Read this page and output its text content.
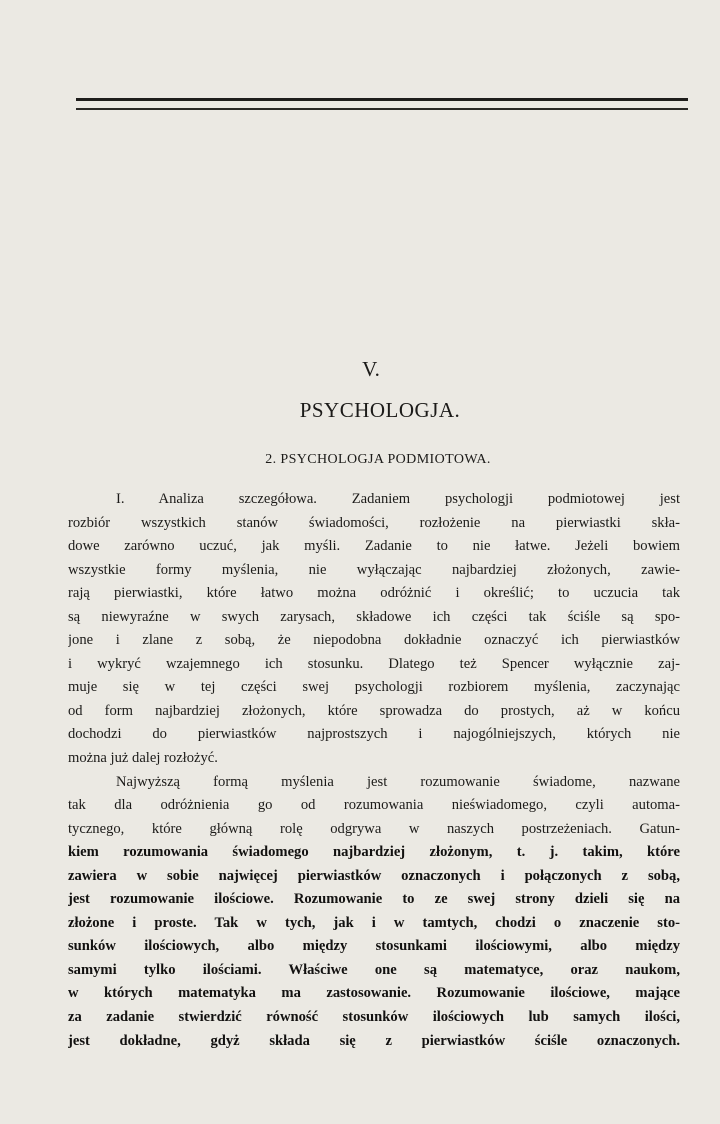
V.
PSYCHOLOGJA.
2. PSYCHOLOGJA PODMIOTOWA.
I. Analiza szczegółowa. Zadaniem psychologji podmiotowej jest
rozbiór wszystkich stanów świadomości, rozłożenie na pierwiastki skła-
dowe zarówno uczuć, jak myśli. Zadanie to nie łatwe. Jeżeli bowiem
wszystkie formy myślenia, nie wyłączając najbardziej złożonych, zawie-
rają pierwiastki, które łatwo można odróżnić i określić; to uczucia tak
są niewyraźne w swych zarysach, składowe ich części tak ściśle są spo-
jone i zlane z sobą, że niepodobna dokładnie oznaczyć ich pierwiastków
i wykryć wzajemnego ich stosunku. Dlatego też Spencer wyłącznie zaj-
muje się w tej części swej psychologji rozbiorem myślenia, zaczynając
od form najbardziej złożonych, które sprowadza do prostych, aż w końcu
dochodzi do pierwiastków najprostszych i najogólniejszych, których nie
można już dalej rozłożyć.
Najwyższą formą myślenia jest rozumowanie świadome, nazwane
tak dla odróżnienia go od rozumowania nieświadomego, czyli automa-
tycznego, które główną rolę odgrywa w naszych postrzeżeniach. Gatun-
kiem rozumowania świadomego najbardziej złożonym, t. j. takim, które
zawiera w sobie najwięcej pierwiastków oznaczonych i połączonych z sobą,
jest rozumowanie ilościowe. Rozumowanie to ze swej strony dzieli się na
złożone i proste. Tak w tych, jak i w tamtych, chodzi o znaczenie sto-
sunków ilościowych, albo między stosunkami ilościowymi, albo między
samymi tylko ilościami. Właściwe one są matematyce, oraz naukom,
w których matematyka ma zastosowanie. Rozumowanie ilościowe, mające
za zadanie stwierdzić równość stosunków ilościowych lub samych ilości,
jest dokładne, gdyż składa się z pierwiastków ściśle oznaczonych.
